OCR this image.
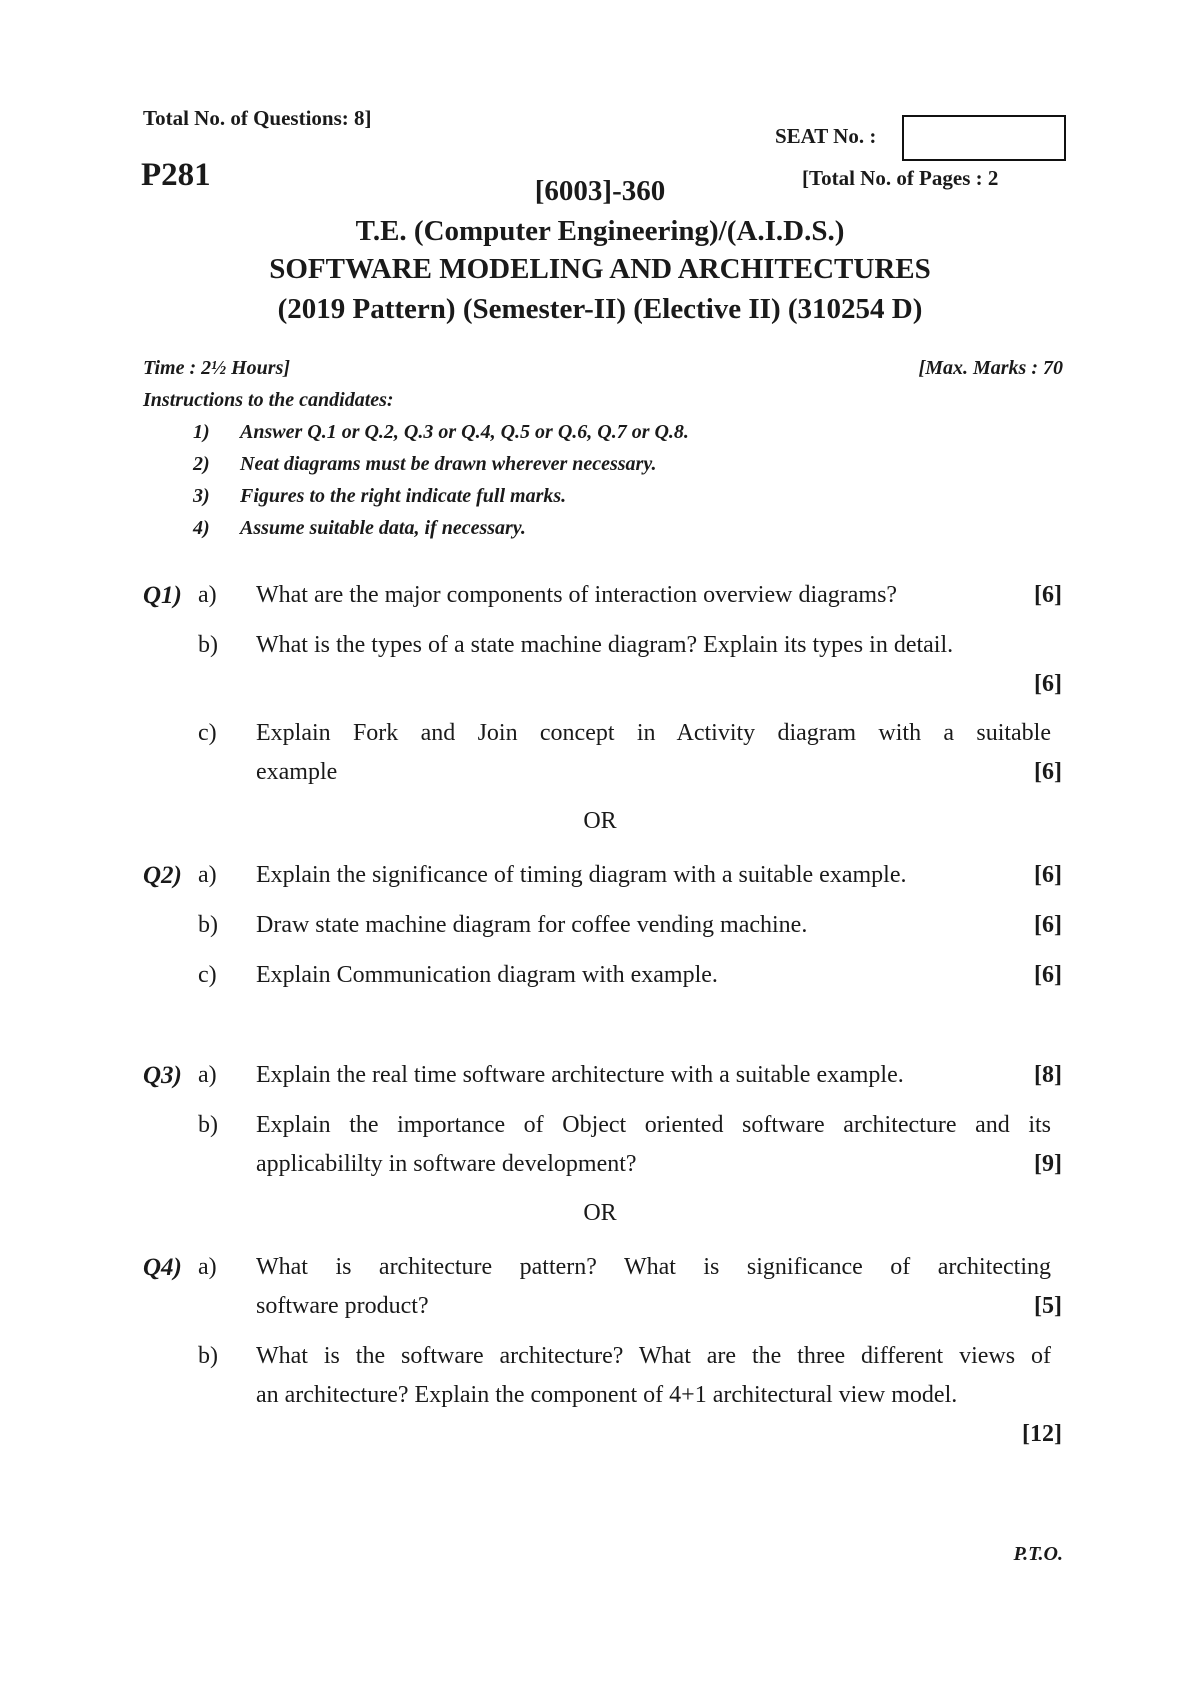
Total No. of Questions: 8]
SEAT No. :
P281	[6003]-360	[Total No. of Pages : 2
T.E. (Computer Engineering)/(A.I.D.S.)
SOFTWARE MODELING AND ARCHITECTURES
(2019 Pattern) (Semester-II) (Elective II) (310254 D)
Time : 2½ Hours]	[Max. Marks : 70
Instructions to the candidates:
1) Answer Q.1 or Q.2, Q.3 or Q.4, Q.5 or Q.6, Q.7 or Q.8.
2) Neat diagrams must be drawn wherever necessary.
3) Figures to the right indicate full marks.
4) Assume suitable data, if necessary.
Q1) a) What are the major components of interaction overview diagrams?	[6]
b) What is the types of a state machine diagram? Explain its types in detail.
[6]
c) Explain Fork and Join concept in Activity diagram with a suitable
example	[6]
OR
Q2) a) Explain the significance of timing diagram with a suitable example.	[6]
b) Draw state machine diagram for coffee vending machine.	[6]
c) Explain Communication diagram with example.	[6]
Q3) a) Explain the real time software architecture with a suitable example.	[8]
b) Explain the importance of Object oriented software architecture and its
applicabililty in software development?	[9]
OR
Q4) a) What is architecture pattern? What is significance of architecting
software product?	[5]
b) What is the software architecture? What are the three different views of
an architecture? Explain the component of 4+1 architectural view model.
[12]
P.T.O.
